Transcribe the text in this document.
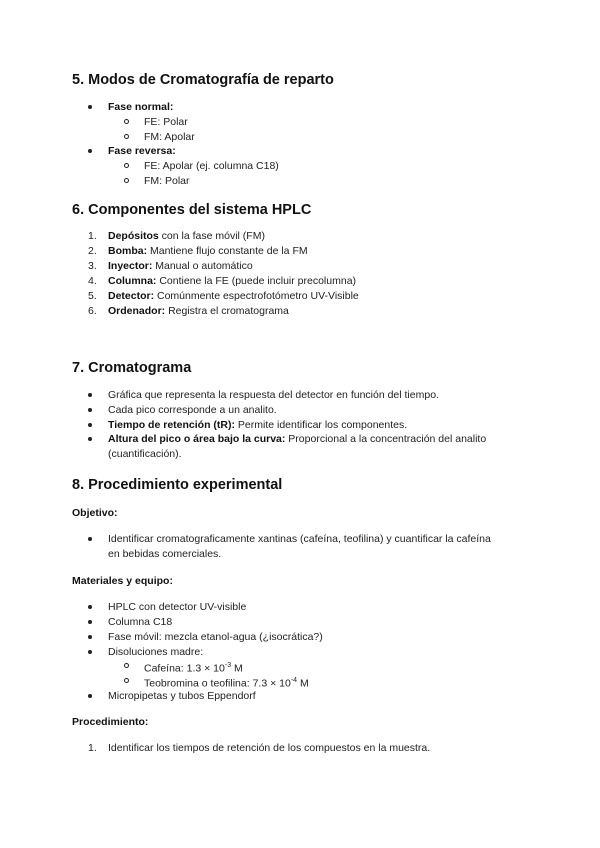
5. Modos de Cromatografía de reparto
Fase normal:
FE: Polar
FM: Apolar
Fase reversa:
FE: Apolar (ej. columna C18)
FM: Polar
6. Componentes del sistema HPLC
1. Depósitos con la fase móvil (FM)
2. Bomba: Mantiene flujo constante de la FM
3. Inyector: Manual o automático
4. Columna: Contiene la FE (puede incluir precolumna)
5. Detector: Comúnmente espectrofotómetro UV-Visible
6. Ordenador: Registra el cromatograma
7. Cromatograma
Gráfica que representa la respuesta del detector en función del tiempo.
Cada pico corresponde a un analito.
Tiempo de retención (tR): Permite identificar los componentes.
Altura del pico o área bajo la curva: Proporcional a la concentración del analito
(cuantificación).
8. Procedimiento experimental
Objetivo:
Identificar cromatograficamente xantinas (cafeína, teofilina) y cuantificar la cafeína
en bebidas comerciales.
Materiales y equipo:
HPLC con detector UV-visible
Columna C18
Fase móvil: mezcla etanol-agua (¿isocrática?)
Disoluciones madre:
Cafeína: $1.3 \times 10^{-3}$ M
Teobromina o teofilina: $7.3 \times 10^{-4}$ M
Micropipetas y tubos Eppendorf
Procedimiento:
1. Identificar los tiempos de retención de los compuestos en la muestra.
